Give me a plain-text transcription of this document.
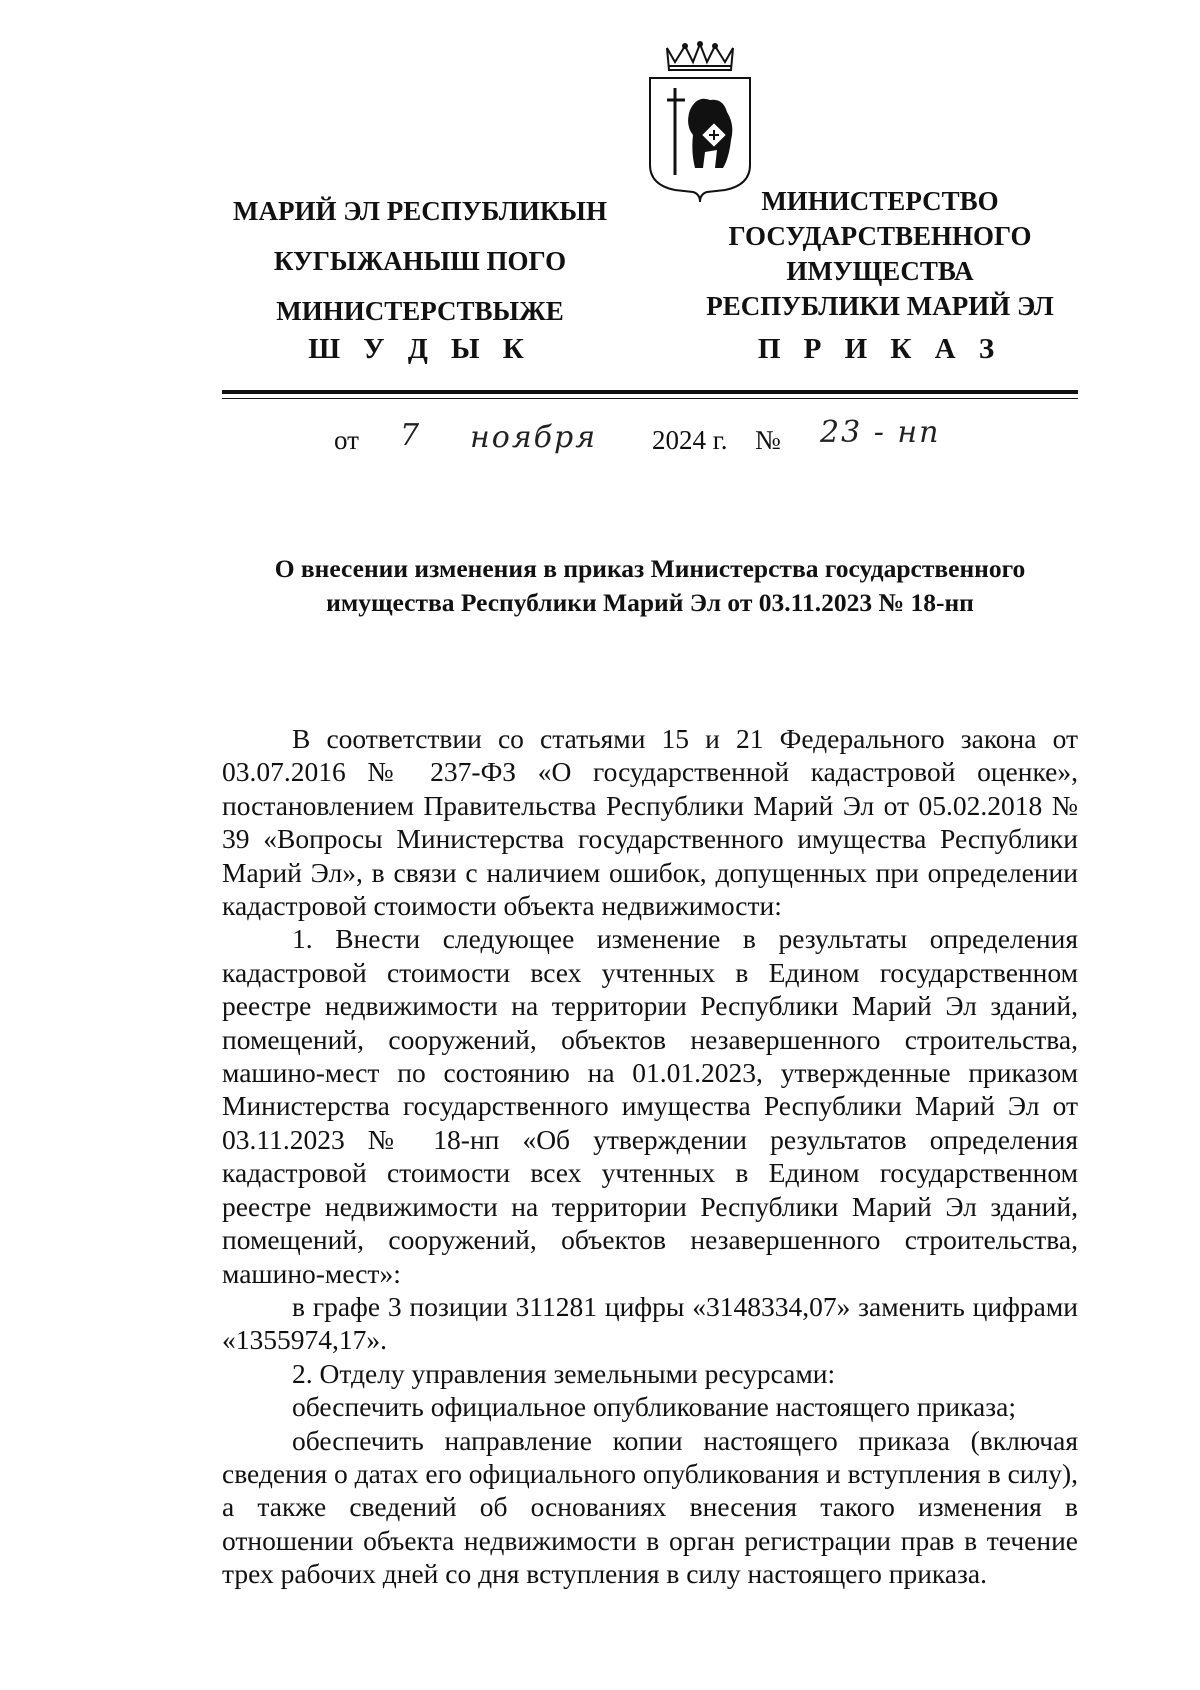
МАРИЙ ЭЛ РЕСПУБЛИКЫН
КУГЫЖАНЫШ ПОГО
МИНИСТЕРСТВЫЖЕ
МИНИСТЕРСТВО
ГОСУДАРСТВЕННОГО
ИМУЩЕСТВА
РЕСПУБЛИКИ МАРИЙ ЭЛ
Ш У Д Ы К	П Р И К А З
от 7 ноября 2024 г. № 23 - нп
О внесении изменения в приказ Министерства государственного
имущества Республики Марий Эл от 03.11.2023 № 18-нп

В соответствии со статьями 15 и 21 Федерального закона от 03.07.2016 № 237-ФЗ «О государственной кадастровой оценке», постановлением Правительства Республики Марий Эл от 05.02.2018 № 39 «Вопросы Министерства государственного имущества Республики Марий Эл», в связи с наличием ошибок, допущенных при определении кадастровой стоимости объекта недвижимости:

1. Внести следующее изменение в результаты определения кадастровой стоимости всех учтенных в Едином государственном реестре недвижимости на территории Республики Марий Эл зданий, помещений, сооружений, объектов незавершенного строительства, машино-мест по состоянию на 01.01.2023, утвержденные приказом Министерства государственного имущества Республики Марий Эл от 03.11.2023 № 18-нп «Об утверждении результатов определения кадастровой стоимости всех учтенных в Едином государственном реестре недвижимости на территории Республики Марий Эл зданий, помещений, сооружений, объектов незавершенного строительства, машино-мест»:

в графе 3 позиции 311281 цифры «3148334,07» заменить цифрами «1355974,17».

2. Отделу управления земельными ресурсами:

обеспечить официальное опубликование настоящего приказа;

обеспечить направление копии настоящего приказа (включая сведения о датах его официального опубликования и вступления в силу), а также сведений об основаниях внесения такого изменения в отношении объекта недвижимости в орган регистрации прав в течение трех рабочих дней со дня вступления в силу настоящего приказа.
